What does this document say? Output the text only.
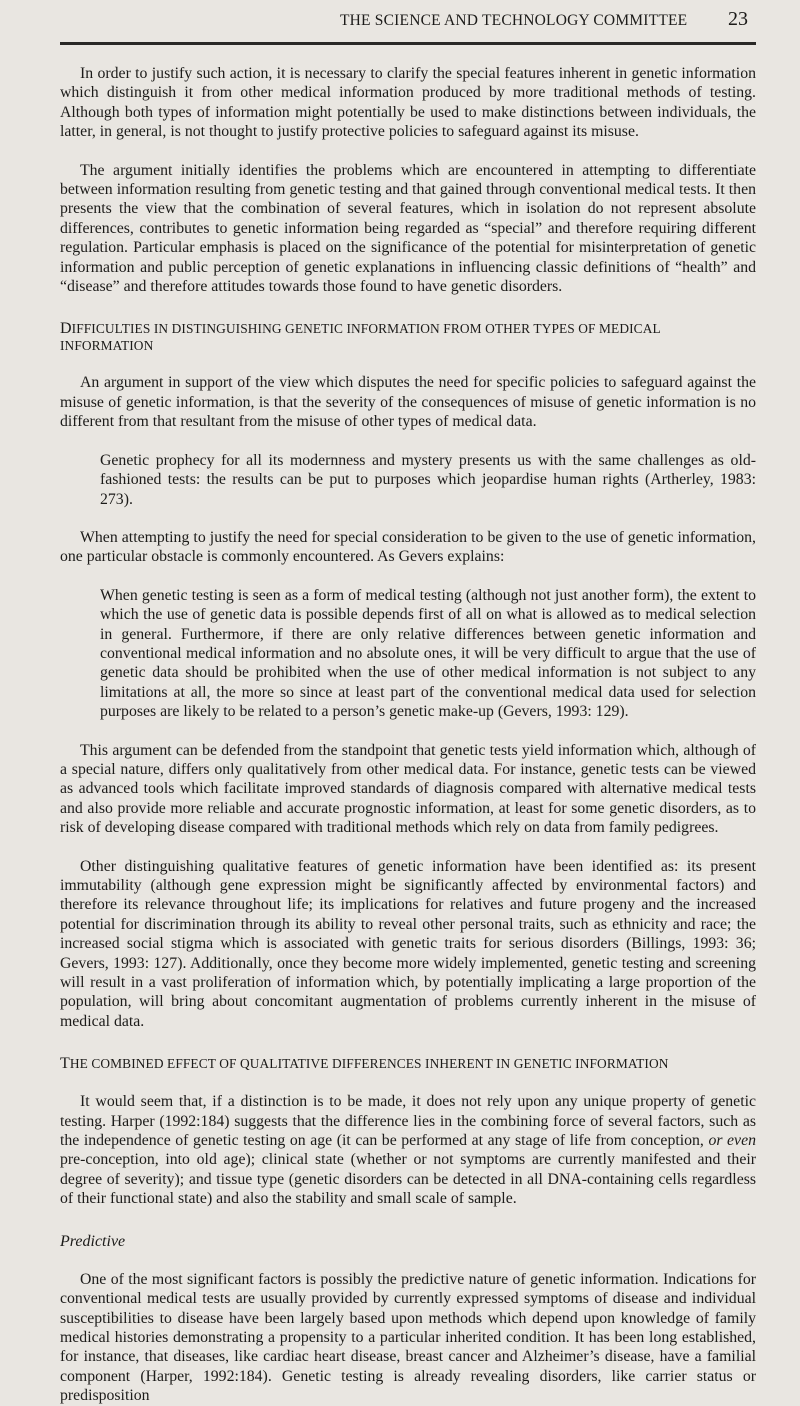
THE SCIENCE AND TECHNOLOGY COMMITTEE 23

In order to justify such action, it is necessary to clarify the special features inherent in genetic information which distinguish it from other medical information produced by more traditional methods of testing. Although both types of information might potentially be used to make distinctions between individuals, the latter, in general, is not thought to justify protective policies to safeguard against its misuse.

The argument initially identifies the problems which are encountered in attempting to differentiate between information resulting from genetic testing and that gained through conventional medical tests. It then presents the view that the combination of several features, which in isolation do not represent absolute differences, contributes to genetic information being regarded as “special” and therefore requiring different regulation. Particular emphasis is placed on the significance of the potential for misinterpretation of genetic information and public perception of genetic explanations in influencing classic definitions of “health” and “disease” and therefore attitudes towards those found to have genetic disorders.

DIFFICULTIES IN DISTINGUISHING GENETIC INFORMATION FROM OTHER TYPES OF MEDICAL INFORMATION

An argument in support of the view which disputes the need for specific policies to safeguard against the misuse of genetic information, is that the severity of the consequences of misuse of genetic information is no different from that resultant from the misuse of other types of medical data.

Genetic prophecy for all its modernness and mystery presents us with the same challenges as old-fashioned tests: the results can be put to purposes which jeopardise human rights (Artherley, 1983: 273).

When attempting to justify the need for special consideration to be given to the use of genetic information, one particular obstacle is commonly encountered. As Gevers explains:

When genetic testing is seen as a form of medical testing (although not just another form), the extent to which the use of genetic data is possible depends first of all on what is allowed as to medical selection in general. Furthermore, if there are only relative differences between genetic information and conventional medical information and no absolute ones, it will be very difficult to argue that the use of genetic data should be prohibited when the use of other medical information is not subject to any limitations at all, the more so since at least part of the conventional medical data used for selection purposes are likely to be related to a person’s genetic make-up (Gevers, 1993: 129).

This argument can be defended from the standpoint that genetic tests yield information which, although of a special nature, differs only qualitatively from other medical data. For instance, genetic tests can be viewed as advanced tools which facilitate improved standards of diagnosis compared with alternative medical tests and also provide more reliable and accurate prognostic information, at least for some genetic disorders, as to risk of developing disease compared with traditional methods which rely on data from family pedigrees.

Other distinguishing qualitative features of genetic information have been identified as: its present immutability (although gene expression might be significantly affected by environmental factors) and therefore its relevance throughout life; its implications for relatives and future progeny and the increased potential for discrimination through its ability to reveal other personal traits, such as ethnicity and race; the increased social stigma which is associated with genetic traits for serious disorders (Billings, 1993: 36; Gevers, 1993: 127). Additionally, once they become more widely implemented, genetic testing and screening will result in a vast proliferation of information which, by potentially implicating a large proportion of the population, will bring about concomitant augmentation of problems currently inherent in the misuse of medical data.

THE COMBINED EFFECT OF QUALITATIVE DIFFERENCES INHERENT IN GENETIC INFORMATION

It would seem that, if a distinction is to be made, it does not rely upon any unique property of genetic testing. Harper (1992:184) suggests that the difference lies in the combining force of several factors, such as the independence of genetic testing on age (it can be performed at any stage of life from conception, or even pre-conception, into old age); clinical state (whether or not symptoms are currently manifested and their degree of severity); and tissue type (genetic disorders can be detected in all DNA-containing cells regardless of their functional state) and also the stability and small scale of sample.

Predictive

One of the most significant factors is possibly the predictive nature of genetic information. Indications for conventional medical tests are usually provided by currently expressed symptoms of disease and individual susceptibilities to disease have been largely based upon methods which depend upon knowledge of family medical histories demonstrating a propensity to a particular inherited condition. It has been long established, for instance, that diseases, like cardiac heart disease, breast cancer and Alzheimer’s disease, have a familial component (Harper, 1992:184). Genetic testing is already revealing disorders, like carrier status or predisposition
